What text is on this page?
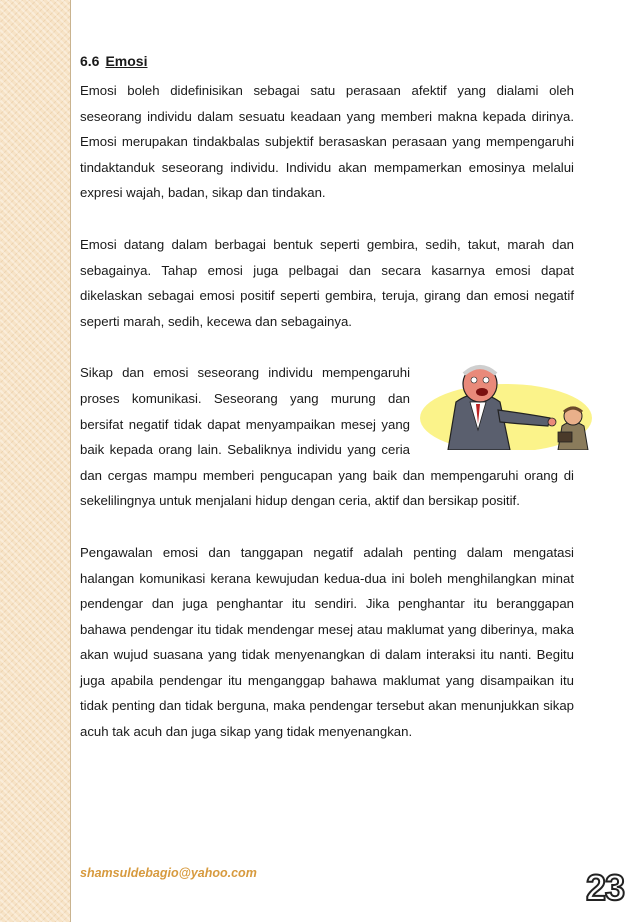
6.6 Emosi

Emosi boleh didefinisikan sebagai satu perasaan afektif yang dialami oleh seseorang individu dalam sesuatu keadaan yang memberi makna kepada dirinya. Emosi merupakan tindakbalas subjektif berasaskan perasaan yang mempengaruhi tindaktanduk seseorang individu. Individu akan mempamerkan emosinya melalui expresi wajah, badan, sikap dan tindakan.

Emosi datang dalam berbagai bentuk seperti gembira, sedih, takut, marah dan sebagainya. Tahap emosi juga pelbagai dan secara kasarnya emosi dapat dikelaskan sebagai emosi positif seperti gembira, teruja, girang dan emosi negatif seperti marah, sedih, kecewa dan sebagainya.

Sikap dan emosi seseorang individu mempengaruhi proses komunikasi. Seseorang yang murung dan bersifat negatif tidak dapat menyampaikan mesej yang baik kepada orang lain. Sebaliknya individu yang ceria dan cergas mampu memberi pengucapan yang baik dan mempengaruhi orang di sekelilingnya untuk menjalani hidup dengan ceria, aktif dan bersikap positif.

Pengawalan emosi dan tanggapan negatif adalah penting dalam mengatasi halangan komunikasi kerana kewujudan kedua-dua ini boleh menghilangkan minat pendengar dan juga penghantar itu sendiri. Jika penghantar itu beranggapan bahawa pendengar itu tidak mendengar mesej atau maklumat yang diberinya, maka akan wujud suasana yang tidak menyenangkan di dalam interaksi itu nanti. Begitu juga apabila pendengar itu menganggap bahawa maklumat yang disampaikan itu tidak penting dan tidak berguna, maka pendengar tersebut akan menunjukkan sikap acuh tak acuh dan juga sikap yang tidak menyenangkan.

shamsuldebagio@yahoo.com	23
